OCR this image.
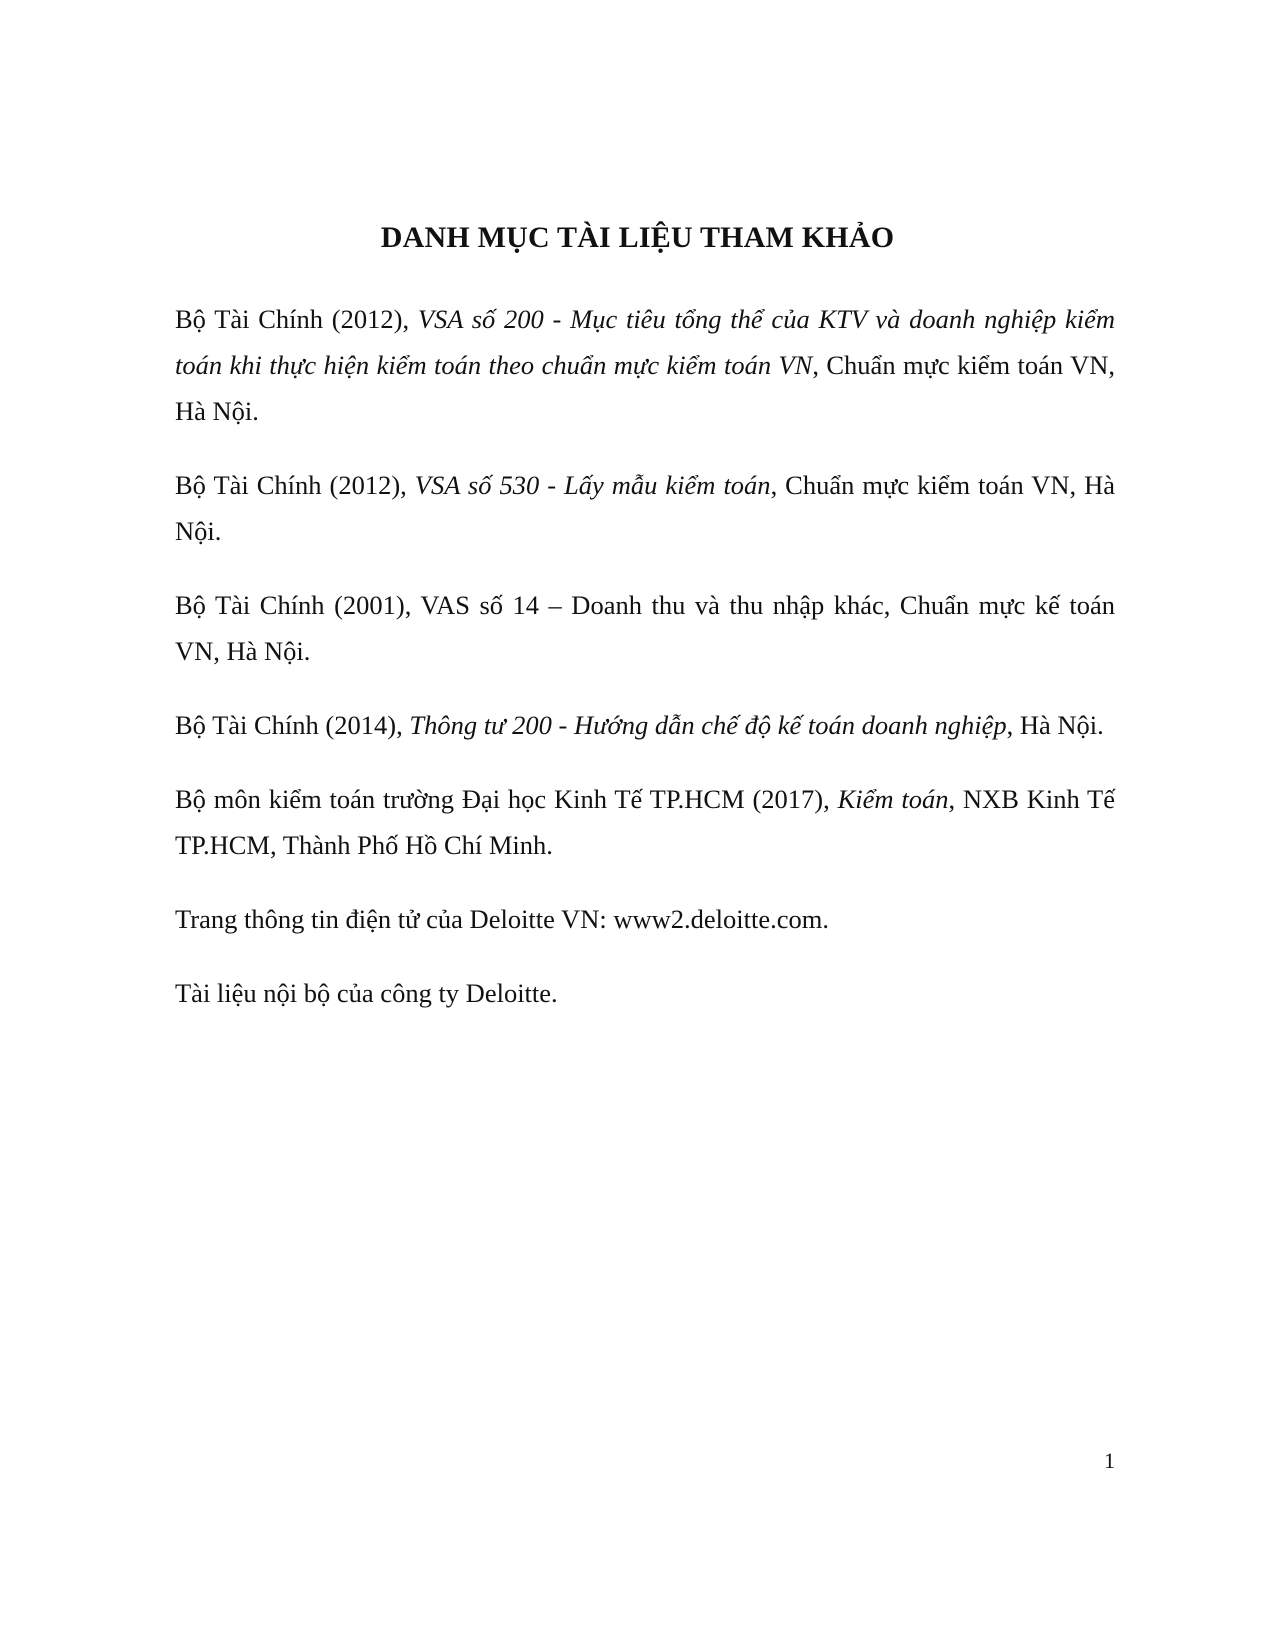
DANH MỤC TÀI LIỆU THAM KHẢO

Bộ Tài Chính (2012), VSA số 200 - Mục tiêu tổng thể của KTV và doanh nghiệp kiểm toán khi thực hiện kiểm toán theo chuẩn mực kiểm toán VN, Chuẩn mực kiểm toán VN, Hà Nội.

Bộ Tài Chính (2012), VSA số 530 - Lấy mẫu kiểm toán, Chuẩn mực kiểm toán VN, Hà Nội.

Bộ Tài Chính (2001), VAS số 14 – Doanh thu và thu nhập khác, Chuẩn mực kế toán VN, Hà Nội.

Bộ Tài Chính (2014), Thông tư 200 - Hướng dẫn chế độ kế toán doanh nghiệp, Hà Nội.

Bộ môn kiểm toán trường Đại học Kinh Tế TP.HCM (2017), Kiểm toán, NXB Kinh Tế TP.HCM, Thành Phố Hồ Chí Minh.

Trang thông tin điện tử của Deloitte VN: www2.deloitte.com.

Tài liệu nội bộ của công ty Deloitte.

1
